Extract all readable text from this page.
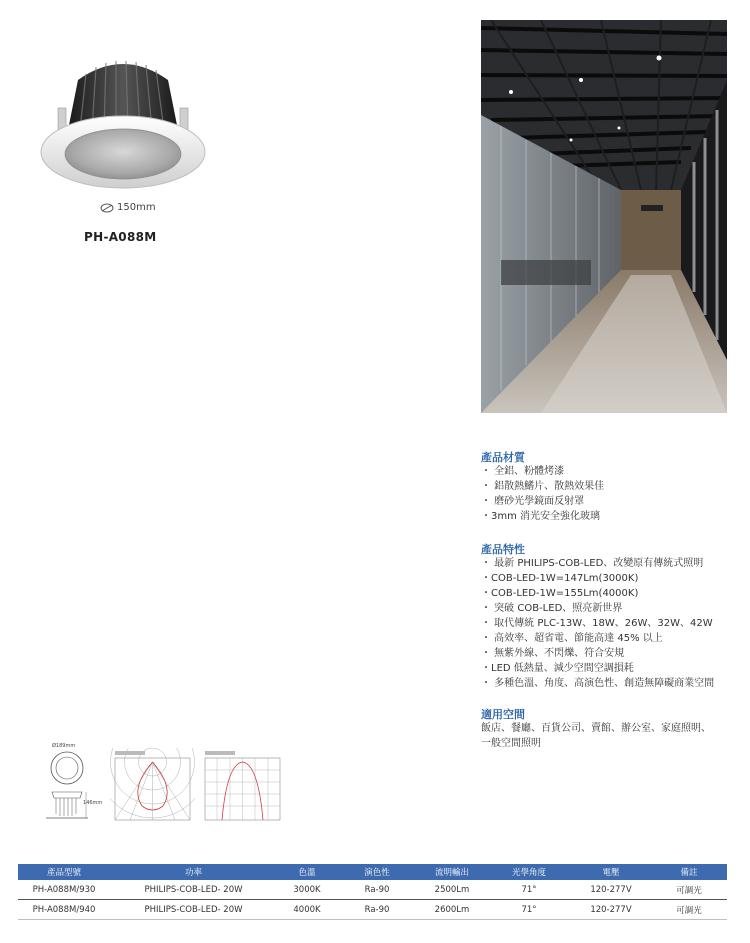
150mm
PH-A088M
產品材質
・ 全鋁、粉體烤漆
・ 鋁散熱鰭片、散熱效果佳
・ 磨砂光學鏡面反射罩
・3mm 消光安全強化玻璃
產品特性
・ 最新 PHILIPS-COB-LED、改變原有傳統式照明
・COB-LED-1W=147Lm(3000K)
・COB-LED-1W=155Lm(4000K)
・ 突破 COB-LED、照亮新世界
・ 取代傳統 PLC-13W、18W、26W、32W、42W
・ 高效率、超省電、節能高達 45% 以上
・ 無紫外線、不閃爍、符合安規
・LED 低熱量、減少空間空調損耗
・ 多種色溫、角度、高演色性、創造無障礙商業空間
適用空間
飯店、餐廳、百貨公司、賣館、辦公室、家庭照明、
一般空間照明
Ø189mm
146mm
產品型號	功率	色溫	演色性	流明輸出	光學角度	電壓	備註
PH-A088M/930	PHILIPS-COB-LED- 20W	3000K	Ra-90	2500Lm	71°	120-277V	可調光
PH-A088M/940	PHILIPS-COB-LED- 20W	4000K	Ra-90	2600Lm	71°	120-277V	可調光
